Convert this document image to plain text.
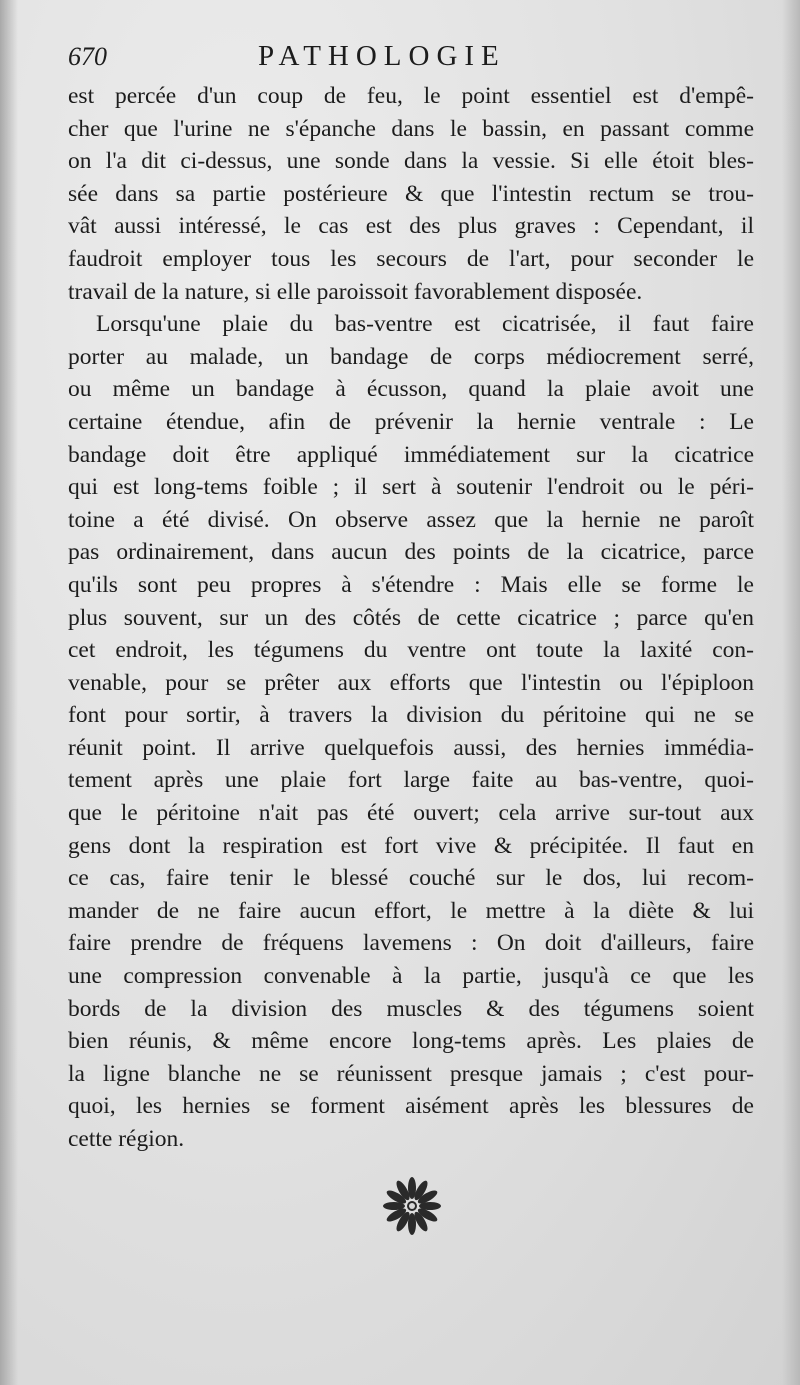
670	PATHOLOGIE
est percée d'un coup de feu, le point essentiel est d'empê-
cher que l'urine ne s'épanche dans le bassin, en passant comme
on l'a dit ci-dessus, une sonde dans la vessie. Si elle étoit bles-
sée dans sa partie postérieure & que l'intestin rectum se trou-
vât aussi intéressé, le cas est des plus graves : Cependant, il
faudroit employer tous les secours de l'art, pour seconder le
travail de la nature, si elle paroissoit favorablement disposée.
Lorsqu'une plaie du bas-ventre est cicatrisée, il faut faire
porter au malade, un bandage de corps médiocrement serré,
ou même un bandage à écusson, quand la plaie avoit une
certaine étendue, afin de prévenir la hernie ventrale : Le
bandage doit être appliqué immédiatement sur la cicatrice
qui est long-tems foible ; il sert à soutenir l'endroit ou le péri-
toine a été divisé. On observe assez que la hernie ne paroît
pas ordinairement, dans aucun des points de la cicatrice, parce
qu'ils sont peu propres à s'étendre : Mais elle se forme le
plus souvent, sur un des côtés de cette cicatrice ; parce qu'en
cet endroit, les tégumens du ventre ont toute la laxité con-
venable, pour se prêter aux efforts que l'intestin ou l'épiploon
font pour sortir, à travers la division du péritoine qui ne se
réunit point. Il arrive quelquefois aussi, des hernies immédia-
tement après une plaie fort large faite au bas-ventre, quoi-
que le péritoine n'ait pas été ouvert; cela arrive sur-tout aux
gens dont la respiration est fort vive & précipitée. Il faut en
ce cas, faire tenir le blessé couché sur le dos, lui recom-
mander de ne faire aucun effort, le mettre à la diète & lui
faire prendre de fréquens lavemens : On doit d'ailleurs, faire
une compression convenable à la partie, jusqu'à ce que les
bords de la division des muscles & des tégumens soient
bien réunis, & même encore long-tems après. Les plaies de
la ligne blanche ne se réunissent presque jamais ; c'est pour-
quoi, les hernies se forment aisément après les blessures de
cette région.
